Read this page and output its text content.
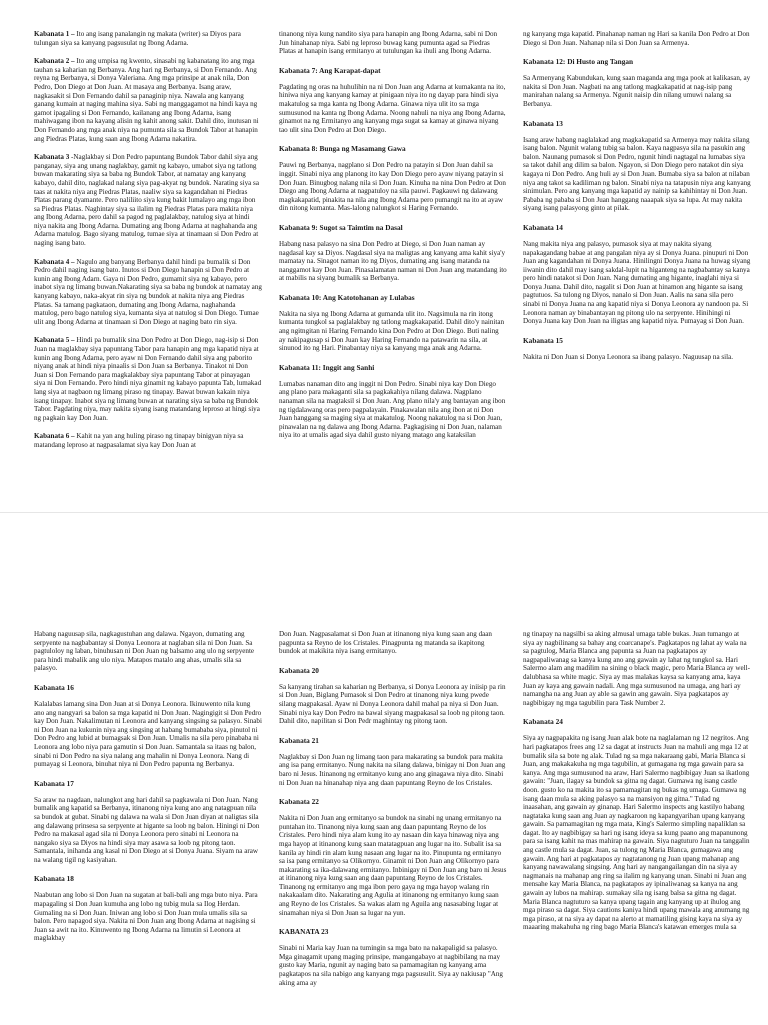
Kabanata 1 – Ito ang isang panalangin ng makata (writer) sa Diyos para tulungan siya sa kanyang pagsusulat ng Ibong Adarna.

Kabanata 2 – Ito ang umpisa ng kwento, sinasabi ng kabanatang ito ang mga tauhan sa kaharian ng Berbanya. Ang hari ng Berbanya, si Don Fernando. Ang reyna ng Berbanya, si Donya Valeriana. Ang mga prinsipe at anak nila, Don Pedro, Don Diego at Don Juan. At masaya ang Berbanya. Isang araw, nagkasakit si Don Fernando dahil sa panaginip niya. Nawala ang kanyang ganang kumain at naging mahina siya. Sabi ng manggagamot na hindi kaya ng gamot ipagaling si Don Fernando, kailanang ang Ibong Adarna, isang mahiwagang ibon na kayang alisin ng kahit anong sakit. Dahil dito, inutusan ni Don Fernando ang mga anak niya na pumunta sila sa Bundok Tabor at hanapin ang Piedras Platas, kung saan ang Ibong Adarna nakatira.

Kabanata 3 -Naglakbay si Don Pedro papuntang Bundok Tabor dahil siya ang panganay, siya ang unang naglakbay, gamit ng kabayo, umabot siya ng tatlong buwan makarating siya sa baba ng Bundok Tabor, at namatay ang kanyang kabayo, dahil dito, naglakad nalang siya pag-akyat ng bundok. Narating siya sa taas at nakita niya ang Piedras Platas, naaliw siya sa kagandahan ni Piedras Platas parang dyamante. Pero naliliito siya kung bakit lumalayo ang mga ibon sa Piedras Platas. Naghintay siya sa ilalim ng Piedras Platas para makita niya ang Ibong Adarna, pero dahil sa pagod ng paglalakbay, natulog siya at hindi niya nakita ang Ibong Adarna. Dumating ang Ibong Adarna at naghahanda ang Adarna matulog. Bago siyang matulog, tumae siya at tinamaan si Don Pedro at naging isang bato.

Kabanata 4 – Nagulo ang banyang Berbanya dahil hindi pa bumalik si Don Pedro dahil naging isang bato. Inutos si Don Diego hanapin si Don Pedro at kunin ang Ibong Adarn. Gaya ni Don Pedro, gumamit siya ng kabayo, pero inabot siya ng limang buwan.Nakarating siya sa baba ng bundok at namatay ang kanyang kabayo, naka-akyat rin siya ng bundok at nakita niya ang Piedras Platas. Sa tamang pagkataon, dumating ang Ibong Adarna, naghahanda matulog, pero bago natulog siya, kumanta siya at natulog si Don Diego. Tumae ulit ang Ibong Adarna at tinamaan si Don Diego at naging bato rin siya.

Kabanata 5 – Hindi pa bumalik sina Don Pedro at Don Diego, nag-isip si Don Juan na maglakbay siya papuntang Tabor para hanapin ang mga kapatid niya at kunin ang Ibong Adarna, pero ayaw ni Don Fernando dahil siya ang paborito niyang anak at hindi niya pinaalis si Don Juan sa Berbanya. Tinakot ni Don Juan si Don Fernando para magkalakbay siya papuntang Tabor at pinayagan siya ni Don Fernando. Pero hindi niya ginamit ng kabayo papunta Tab, lumakad lang siya at nagbaon ng limang piraso ng tinapay. Bawat buwan kakain niya isang tinapay. Inabot siya ng limang buwan at narating siya sa baba ng Bundok Tabor. Pagdating niya, may nakita siyang isang matandang leproso at hingi siya ng pagkain kay Don Juan.

Kabanata 6 – Kahit na yan ang huling piraso ng tinapay binigyan niya sa matandang leproso at nagpasalamat siya kay Don Juan at

tinanong niya kung nandito siya para hanapin ang Ibong Adarna, sabi ni Don Jun hinahanap niya. Sabi ng leproso buwag kang pumunta agad sa Piedras Platas at hanapin isang ermitanyo at tutulungan ka ihuli ang Ibong Adarna.

Kabanata 7: Ang Karapat-dapat

Pagdating ng oras na huhulihin na ni Don Juan ang Adarna at kumakanta na ito, hiniwa niya ang kanyang kamay at pinigaan niya ito ng dayap para hindi siya makatulog sa mga kanta ng Ibong Adarna. Ginawa niya ulit ito sa mga sumusunod na kanta ng Ibong Adarna. Noong nahuli na niya ang Ibong Adarna, ginamot na ng Ermitanyo ang kanyang mga sugat sa kamay at ginawa niyang tao ulit sina Don Pedro at Don Diego.

Kabanata 8: Bunga ng Masamang Gawa

Pauwi ng Berbanya, nagplano si Don Pedro na patayin si Don Juan dahil sa inggit. Sinabi niya ang planong ito kay Don Diego pero ayaw niyang patayin si Don Juan. Binugbog nalang nila si Don Juan. Kinuha na nina Don Pedro at Don Diego ang Ibong Adarna at nagpatuloy na sila pauwi. Pagkauwi ng dalawang magkakapatid, pinakita na nila ang Ibong Adarna pero pumangit na ito at ayaw din nitong kumanta. Mas-lalong nalungkot si Haring Fernando.

Kabanata 9: Sugot sa Taimtim na Dasal

Habang nasa palasyo na sina Don Pedro at Diego, si Don Juan naman ay nagdasal kay sa Diyos. Nagdasal siya na maligtas ang kanyang ama kahit siya'y mamatay na. Sinagot naman ito ng Diyos, dumating ang isang matanda na nanggamot kay Don Juan. Pinasalamatan naman ni Don Juan ang matandang ito at mabilis na siyang bumalik sa Berbanya.

Kabanata 10: Ang Katotohanan ay Lulabas

Nakita na siya ng Ibong Adarna at gumanda ulit ito. Nagsimula na rin itong kumanta tungkol sa paglalakbay ng tatlong magkakapatid. Dahil dito'y nainitan ang ngitngitan ni Haring Fernando kina Don Pedro at Don Diego. Buti naling ay nakipagusap si Don Juan kay Haring Fernando na patawarin na sila, at sinunod ito ng Hari. Pinabantay niya sa kanyang mga anak ang Adarna.

Kabanata 11: Inggit ang Sanhi

Lumabas nanaman dito ang inggit ni Don Pedro. Sinabi niya kay Don Diego ang plano para makaganti sila sa pagkakahiya nilang dalawa. Nagplano nanaman sila na magtaksil si Don Juan. Ang plano nila'y ang bantayan ang ibon ng tigdalawang oras pero pagpalayain. Pinakawalan nila ang ibon at ni Don Juan hanggang sa maging siya at makatulog. Noong nakatulog na si Don Juan, pinawalan na ng dalawa ang Ibong Adarna. Pagkagising ni Don Juan, nalaman niya ito at umalis agad siya dahil gusto niyang matago ang kataksilan

ng kanyang mga kapatid. Pinahanap naman ng Hari sa kanila Don Pedro at Don Diego si Don Juan. Nahanap nila si Don Juan sa Armenya.

Kabanata 12: Di Husto ang Tangan

Sa Armenyang Kabundukan, kung saan maganda ang mga pook at kalikasan, ay nakita si Don Juan. Nagbati na ang tatlong magkakapatid at nag-isip pang manirahan nalang sa Armenya. Ngunit naisip din nilang umuwi nalang sa Berbanya.

Kabanata 13

Isang araw habang naglalakad ang magkakapatid sa Armenya may nakita silang isang balon. Ngunit walang tubig sa balon. Kaya nagpasya sila na pasukin ang balon. Naunang pumasok si Don Pedro, ngunit hindi nagtagal na lumabas siya sa takot dahil ang dilim sa balon. Ngayon, si Don Diego pero natakot din siya kagaya ni Don Pedro. Ang huli ay si Don Juan. Bumaba siya sa balon at nilaban niya ang takot sa kadiliman ng balon. Sinabi niya na tatapusin niya ang kanyang sinimulan. Pero ang kanyang mga kapatid ay nainip sa kahihintay ni Don Juan. Pababa ng pababa si Don Juan hanggang naaapak siya sa lupa. At may nakita siyang isang palasyong ginto at pilak.

Kabanata 14

Nang makita niya ang palasyo, pumasok siya at may nakita siyang napakagandang babae at ang pangalan niya ay si Donya Juana. pinupuri ni Don Juan ang kagandahan ni Donya Juana. Hinilingni Donya Juana na huwag siyang iiwanin dito dahil may isang sakdal-lupit na higanteng na nagbabantay sa kanya pero hindi natakot si Don Juan. Nang dumating ang higante, inaglahi niya si Donya Juana. Dahil dito, nagalit si Don Juan at hinamon ang higante sa isang pagtutuos. Sa tulong ng Diyos, nanalo si Don Juan. Aalis na sana sila pero sinabi ni Donya Juana na ang kapatid niya si Donya Leonora ay nandoon pa. Si Leonora naman ay binabantayan ng pitong ulo na serpyente. Hinihingi ni Donya Juana kay Don Juan na iligtas ang kapatid niya. Pumayag si Don Juan.

Kabanata 15

Nakita ni Don Juan si Donya Leonora sa ibang palasyo. Naguusap na sila.

Habang naguusap sila, nagkagustuhan ang dalawa. Ngayon, dumating ang serpyente na nagbabantay si Donya Leonora at naglaban sila ni Don Juan. Sa pagtuloloy ng laban, binuhusan ni Don Juan ng balsamo ang ulo ng serpyente para hindi mabalik ang ulo niya. Matapos matalo ang ahas, umalis sila sa palasyo.

Kabanata 16

Kalalabas lamang sina Don Juan at si Donya Leonora. Ikinuwento nila kung ano ang nangyari sa balon sa mga kapatid ni Don Juan. Nagingigit si Don Pedro kay Don Juan. Nakalimutan ni Leonora and kanyang singsing sa palasyo. Sinabi ni Don Juan na kukunin niya ang singsing at habang bumababa siya, pinutol ni Don Pedro ang lubid at bumagsak si Don Juan. Umalis na sila pero pinababa ni Leonora ang lobo niya para gamutin si Don Juan. Samantala sa itaas ng balon, sinabi ni Don Pedro na siya nalang ang mahalin ni Donya Leonora. Nang di pumayag si Leonora, binuhat niya ni Don Pedro papunta ng Berbanya.

Kabanata 17

Sa araw na nagdaan, nalungkot ang hari dahil sa pagkawala ni Don Juan. Nang bumalik ang kapatid sa Berbanya, itinanong niya kung ano ang natagpuan nila sa bundok at gubat. Sinabi ng dalawa na wala si Don Juan diyan at naligtas sila ang dalawang prinsesa sa serpyente at higante sa loob ng balon. Hiningi ni Don Pedro na makasal agad sila ni Donya Leonora pero sinabi ni Leonora na nangako siya sa Diyos na hindi siya may asawa sa loob ng pitong taon. Samantala, inihanda ang kasal ni Don Diego at si Donya Juana. Siyam na araw na walang tigil ng kasiyahan.

Kabanata 18

Naabutan ang lobo si Don Juan na sugatan at bali-bali ang mga buto niya. Para mapagaling si Don Juan kumuha ang lobo ng tubig mula sa Ilog Herdan. Gumaling na si Don Juan. Iniwan ang lobo si Don Juan mula umalis sila sa balon. Pero napagod siya. Nakita ni Don Juan ang Ibong Adarna at nagising si Juan sa awit na ito. Kinuwento ng Ibong Adarna na limutin si Leonora at maglakbay

Don Juan. Nagpasalamat si Don Juan at itinanong niya kung saan ang daan pagpunta sa Reyno de los Cristales. Pinagpunta ng matanda sa ikapitong bundok at makikita niya isang ermitanyo.

Kabanata 20

Sa kanyang tirahan sa kaharian ng Berbanya, si Donya Leonora ay iniisip pa rin si Don Juan, Biglang Pumasok si Don Pedro at tinanong niya kung pwede silang magpakasal. Ayaw ni Donya Leonora dahil mahal pa niya si Don Juan. Sinabi niya kay Don Pedro na bawal siyang magpakasal sa loob ng pitong taon. Dahil dito, napilitan si Don Pedr maghintay ng pitong taon.

Kabanata 21

Naglakbay si Don Juan ng limang taon para makarating sa bundok para makita ang isa pang ermitanyo. Nung nakita na silang dalawa, binigay ni Don Juan ang baro ni Jesus. Itinanong ng ermitanyo kung ano ang ginagawa niya dito. Sinabi ni Don Juan na hinanahap niya ang daan papuntang Reyno de los Cristales.

Kabanata 22

Nakita ni Don Juan ang ermitanyo sa bundok na sinabi ng unang ermitanyo na puntahan ito. Tinanong niya kung saan ang daan papuntang Reyno de los Cristales. Pero hindi niya alam kung ito ay nasaan din kaya hinawag niya ang mga hayop at itinanong kung saan matatagpuan ang lugar na ito. Subalit isa sa kanila ay hindi rin alam kung nasaan ang lugar na ito. Pinupunta ng ermitanyo sa isa pang ermitanyo sa Olikornyo. Ginamit ni Don Juan ang Olikornyo para makarating sa ika-dalawang ermitanyo. Inbinigay ni Don Juan ang baro ni Jesus at itinanong niya kung saan ang daan papuntang Reyno de los Cristales. Tinanong ng ermitanyo ang mga ibon pero gaya ng mga hayop walang rin nakakaalam dito. Nakarating ang Agulia at itinanong ng ermitanyo kung saan ang Reyno de los Cristales. Sa wakas alam ng Aguila ang nasasabing lugar at sinamahan niya si Don Juan sa lugar na yun.

KABANATA 23

Sinabi ni Maria kay Juan na tumingin sa mga bato na nakapaligid sa palasyo. Mga ginagamit upang maging prinsipe, mangangabayo at nagbibilang na may gusto kay Maria, ngunit ay naging bato sa pamamagitan ng kanyang ama pagkatapos na sila nabigo ang kanyang mga pagsusulit. Siya ay nakiusap "Ang aking ama ay

ng tinapay na nagsilbi sa aking almusal umaga table bukas. Juan tumango at siya ay nagbilinang sa bahay ang coarcanape's. Pagkatapos ng lahat ay wala na sa pagtulog, Maria Blanca ang papunta sa Juan na pagkatapos ay nagpapaliwanag sa kanya kung ano ang gawain ay lahat ng tungkol sa. Hari Salermo alam ang madilim na sining o black magic, pero Maria Blanca ay well-dalubhasa sa white magic. Siya ay mas malakas kaysa sa kanyang ama, kaya Juan ay kaya ang gawain nadali. Ang mga sumusunod na umaga, ang hari ay namangha na ang Juan ay able sa gawin ang gawain. Siya pagkatapos ay nagbibigay ng mga tagubilin para Task Number 2.

Kabanata 24

Siya ay nagpapakita ng isang Juan alak bote na naglalaman ng 12 negritos. Ang hari pagkatapos frees ang 12 sa dagat at instructs Juan na mahuli ang mga 12 at bumalik sila sa bote ng alak. Tulad ng sa mga nakaraang gabi, Maria Blanca si Juan, ang makakakuha ng mga tagubilin, at gumagana ng mga gawain para sa kanya. Ang mga sumusunod na araw, Hari Salermo nagbibigay Juan sa ikatlong gawain: "Juan, ilagay sa bundok sa gitna ng dagat. Gumawa ng isang castle doon. gusto ko na makita ito sa pamamagitan ng bukas ng umaga. Gumawa ng isang daan mula sa aking palasyo sa na mansiyon ng gitna." Tulad ng inaasahan, ang gawain ay ginanap. Hari Salermo inspects ang kastilyo habang nagtataka kung saan ang Juan ay nagkaroon ng kapangyarihan upang kanyang gawain. Sa pamamagitan ng mga mata, King's Salermo simpling napaliklan sa dagat. Ito ay nagbibigay sa hari ng isang ideya sa kung paano ang mapanunong para sa isang kahit na mas mahirap na gawain. Siya nagtuturo Juan na tanggalin ang castle mula sa dagat. Juan, sa tulong ng Maria Blanca, gumagawa ang gawain. Ang hari at pagkatapos ay nagtatanong ng Juan upang mahanap ang kanyang nawawalang singsing. Ang hari ay nangangailangan din na siya ay nagmanais na mahanap ang ring sa ilalim ng kanyang unan. Sinabi ni Juan ang mensahe kay Maria Blanca, na pagkatapos ay ipinaliwanag sa kanya na ang gawain ay lubos na mahirap. sumakay sila ng isang balsa sa gitna ng dagat. Maria Blanca nagtuturo sa kanya upang tagain ang kanyang up at ihulog ang mga piraso sa dagat. Siya cautions kaniya hindi upang mawala ang anumang ng mga piraso, at na siya ay dapat na alerto at mamatiling gising kaya na siya ay maaaring makahuha ng ring bago Maria Blanca's katawan emerges mula sa
